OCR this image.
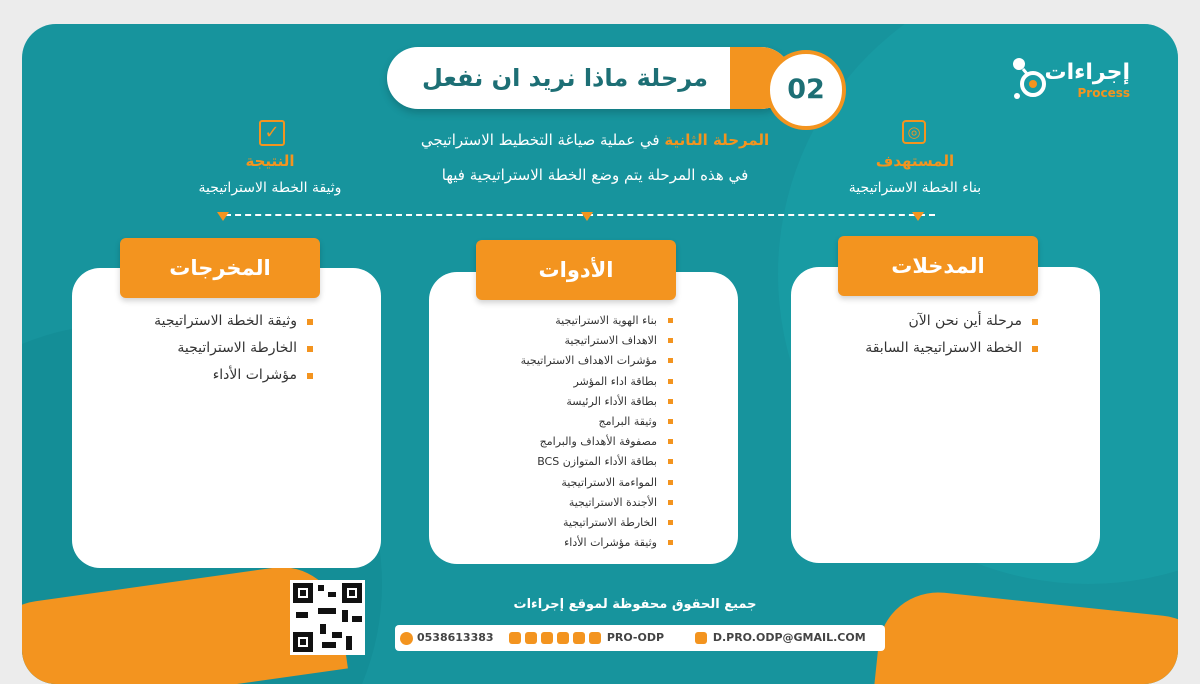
مرحلة ماذا نريد ان نفعل	02
إجراءات
Process
◎
المستهدف
بناء الخطة الاستراتيجية
✓
النتيجة
وثيقة الخطة الاستراتيجية
المرحلة الثانية في عملية صياغة التخطيط الاستراتيجي
في هذه المرحلة يتم وضع الخطة الاستراتيجية فيها
المدخلات
مرحلة أين نحن الآن
الخطة الاستراتيجية السابقة
الأدوات
بناء الهوية الاستراتيجية
الاهداف الاستراتيجية
مؤشرات الاهداف الاستراتيجية
بطاقة اداء المؤشر
بطاقة الأداء الرئيسة
وثيقة البرامج
مصفوفة الأهداف والبرامج
بطاقة الأداء المتوازن BCS
المواءمة الاستراتيجية
الأجندة الاستراتيجية
الخارطة الاستراتيجية
وثيقة مؤشرات الأداء
المخرجات
وثيقة الخطة الاستراتيجية
الخارطة الاستراتيجية
مؤشرات الأداء
جميع الحقوق محفوظة لموقع إجراءات
0538613383	PRO-ODP	D.PRO.ODP@GMAIL.COM
